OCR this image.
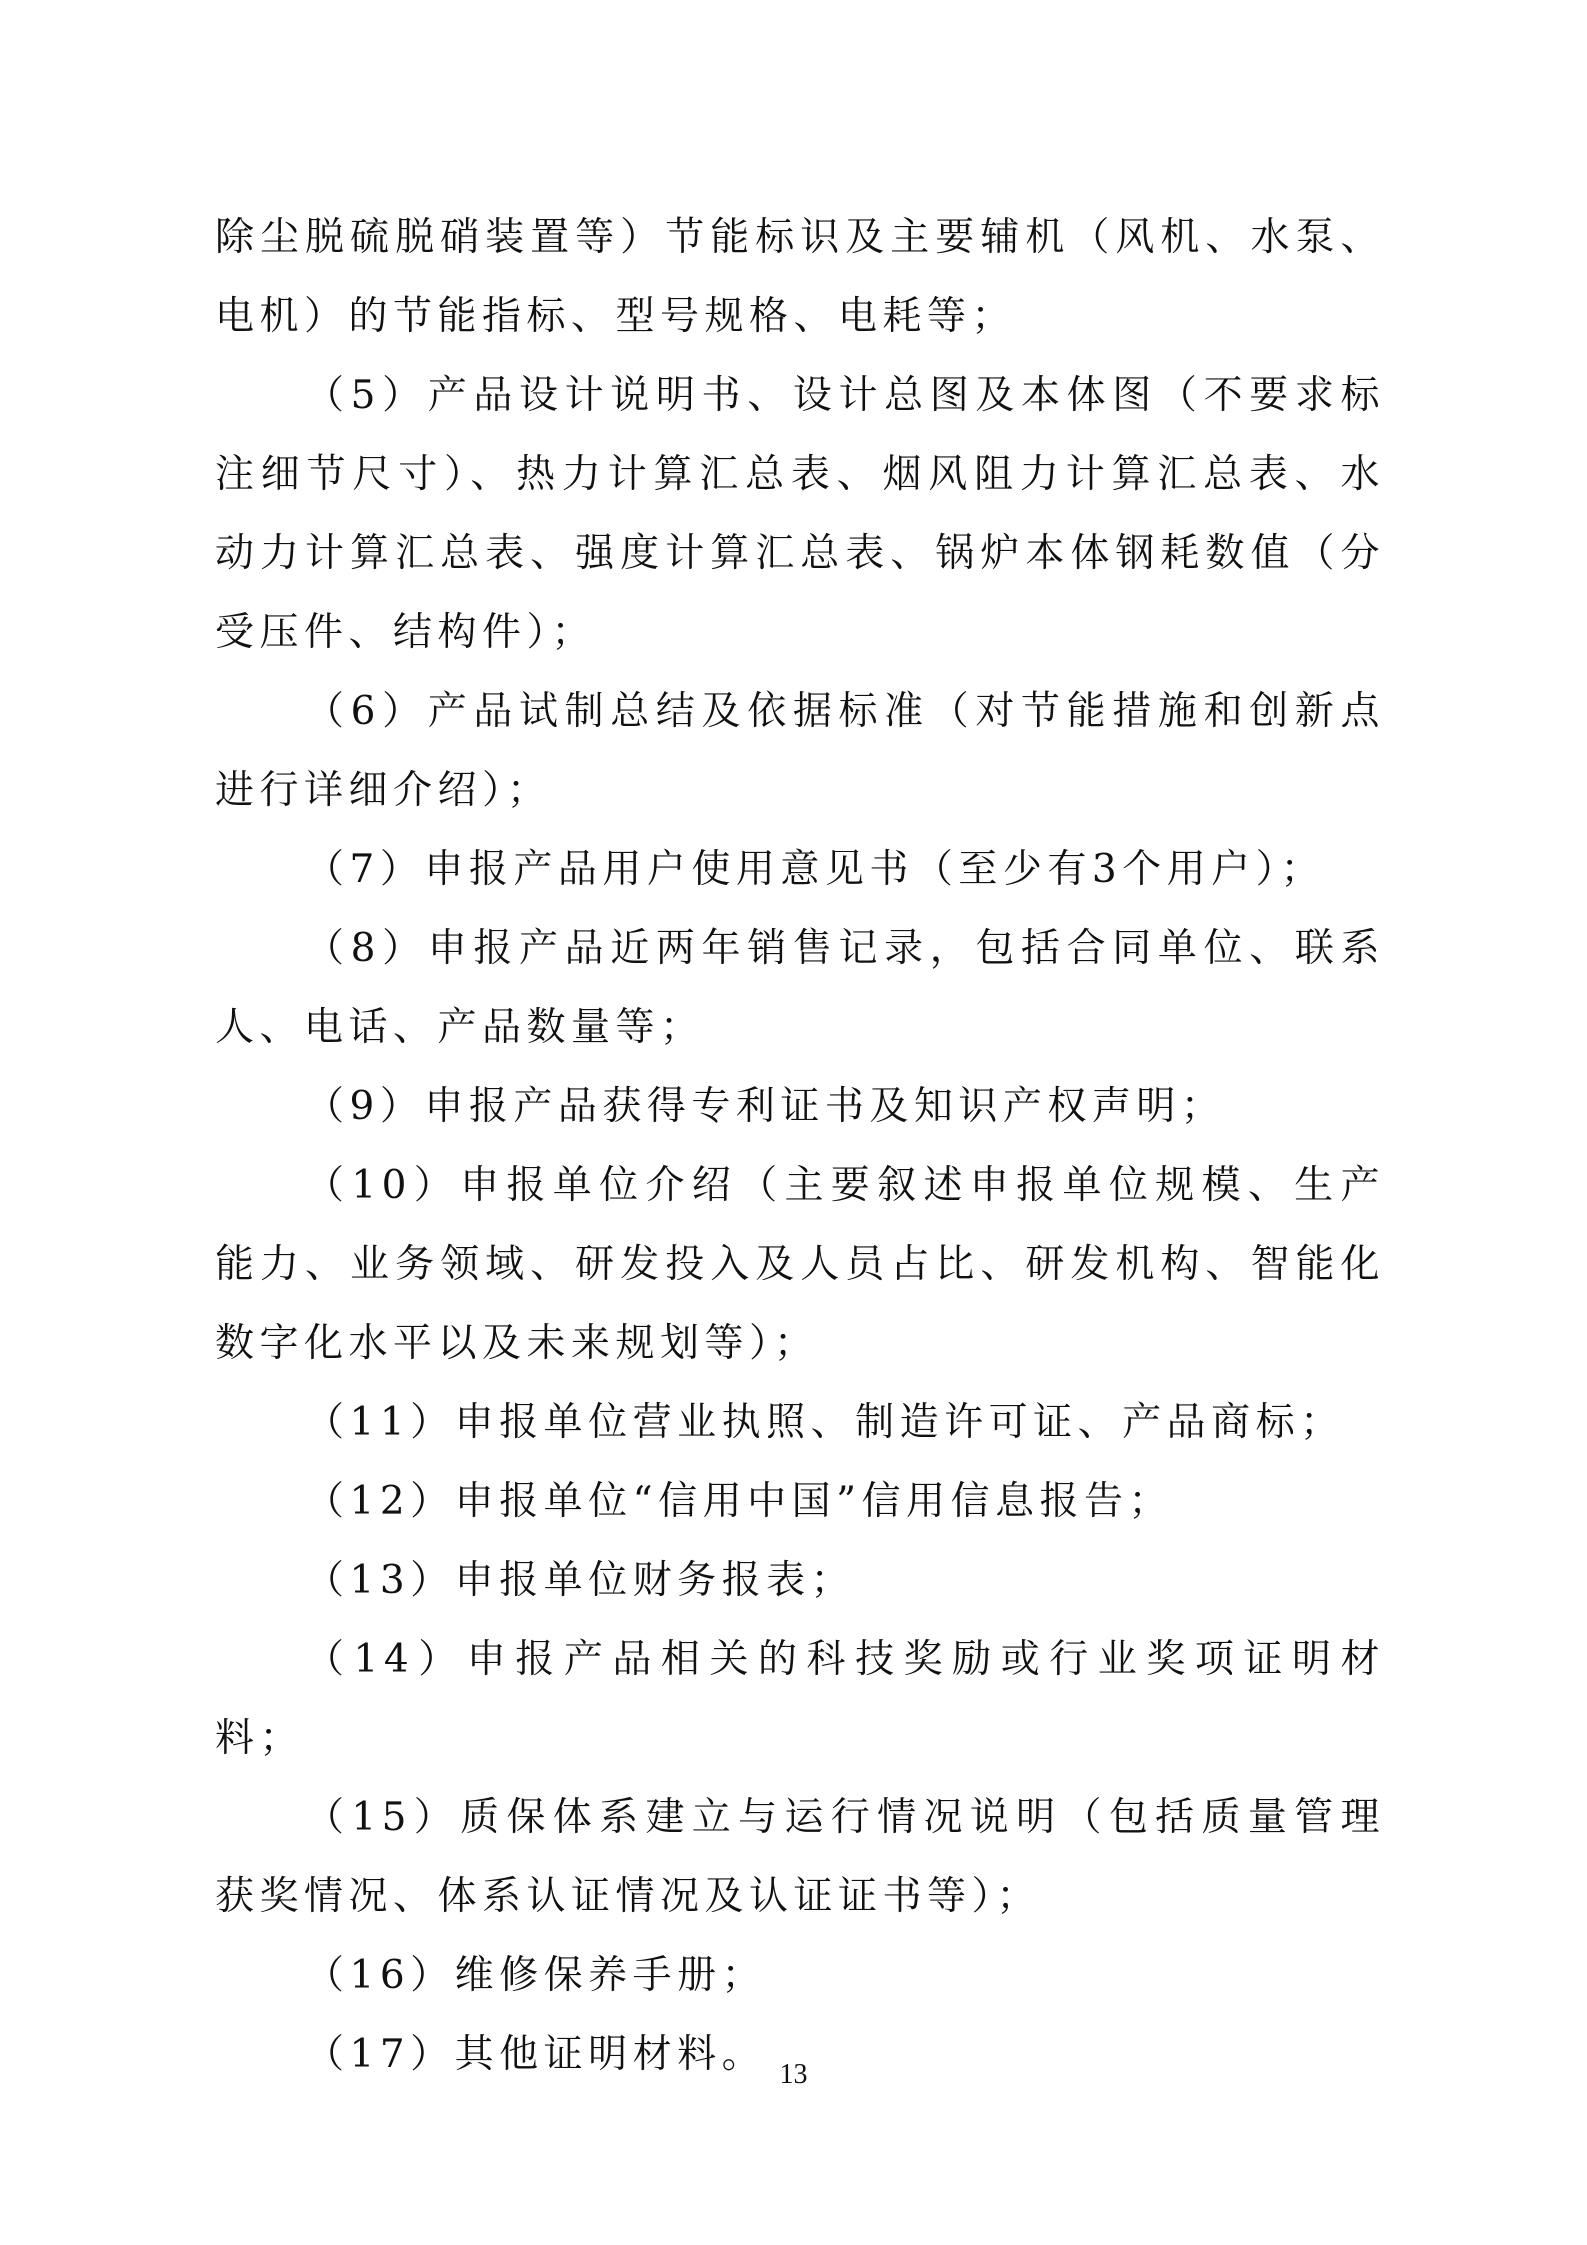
除尘脱硫脱硝装置等）节能标识及主要辅机（风机、水泵、电机）的节能指标、型号规格、电耗等；

（5）产品设计说明书、设计总图及本体图（不要求标注细节尺寸）、热力计算汇总表、烟风阻力计算汇总表、水动力计算汇总表、强度计算汇总表、锅炉本体钢耗数值（分受压件、结构件）；

（6）产品试制总结及依据标准（对节能措施和创新点进行详细介绍）；

（7）申报产品用户使用意见书（至少有3个用户）；

（8）申报产品近两年销售记录，包括合同单位、联系人、电话、产品数量等；

（9）申报产品获得专利证书及知识产权声明；

（10）申报单位介绍（主要叙述申报单位规模、生产能力、业务领域、研发投入及人员占比、研发机构、智能化数字化水平以及未来规划等）；

（11）申报单位营业执照、制造许可证、产品商标；

（12）申报单位“信用中国”信用信息报告；

（13）申报单位财务报表；

（14）申报产品相关的科技奖励或行业奖项证明材料；

（15）质保体系建立与运行情况说明（包括质量管理获奖情况、体系认证情况及认证证书等）；

（16）维修保养手册；

（17）其他证明材料。 13
